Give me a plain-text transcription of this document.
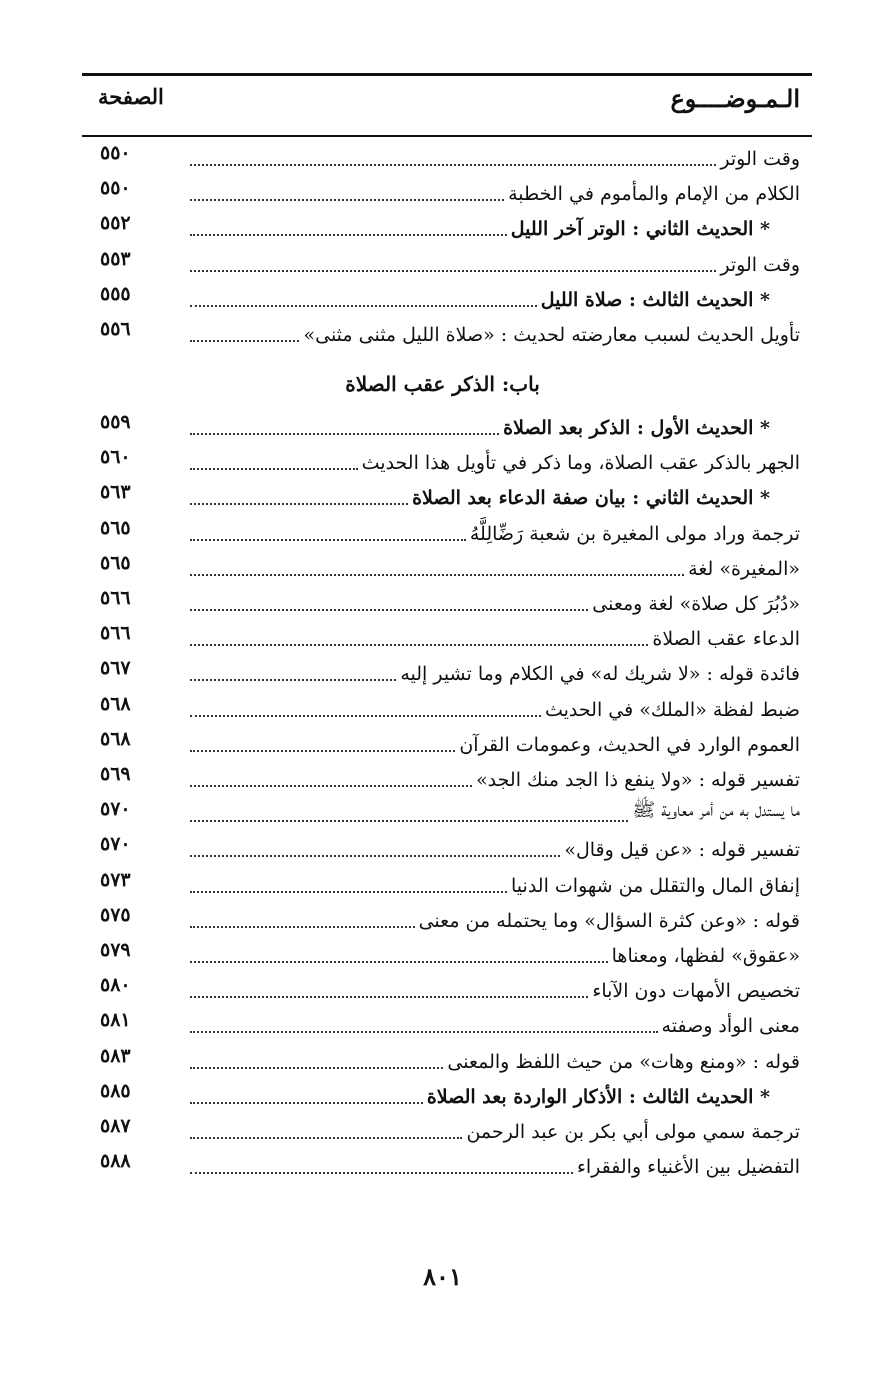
الـمـوضــــوع
الصفحة
وقت الوتر
٥٥٠
الكلام من الإمام والمأموم في الخطبة
٥٥٠
* الحديث الثاني : الوتر آخر الليل
٥٥٢
وقت الوتر
٥٥٣
* الحديث الثالث : صلاة الليل
٥٥٥
تأويل الحديث لسبب معارضته لحديث : «صلاة الليل مثنى مثنى»
٥٥٦
باب: الذكر عقب الصلاة
* الحديث الأول : الذكر بعد الصلاة
٥٥٩
الجهر بالذكر عقب الصلاة، وما ذكر في تأويل هذا الحديث
٥٦٠
* الحديث الثاني : بيان صفة الدعاء بعد الصلاة
٥٦٣
ترجمة وراد مولى المغيرة بن شعبة رَضِّالِلَّهُ
٥٦٥
«المغيرة» لغة
٥٦٥
«دُبُرَ كل صلاة» لغة ومعنى
٥٦٦
الدعاء عقب الصلاة
٥٦٦
فائدة قوله : «لا شريك له» في الكلام وما تشير إليه
٥٦٧
ضبط لفظة «الملك» في الحديث
٥٦٨
العموم الوارد في الحديث، وعمومات القرآن
٥٦٨
تفسير قوله : «ولا ينفع ذا الجد منك الجد»
٥٦٩
ما يستدل به من أمر معاوية ﷺ
٥٧٠
تفسير قوله : «عن قيل وقال»
٥٧٠
إنفاق المال والتقلل من شهوات الدنيا
٥٧٣
قوله : «وعن كثرة السؤال» وما يحتمله من معنى
٥٧٥
«عقوق» لفظها، ومعناها
٥٧٩
تخصيص الأمهات دون الآباء
٥٨٠
معنى الوأد وصفته
٥٨١
قوله : «ومنع وهات» من حيث اللفظ والمعنى
٥٨٣
* الحديث الثالث : الأذكار الواردة بعد الصلاة
٥٨٥
ترجمة سمي مولى أبي بكر بن عبد الرحمن
٥٨٧
التفضيل بين الأغنياء والفقراء
٥٨٨
٨٠١
